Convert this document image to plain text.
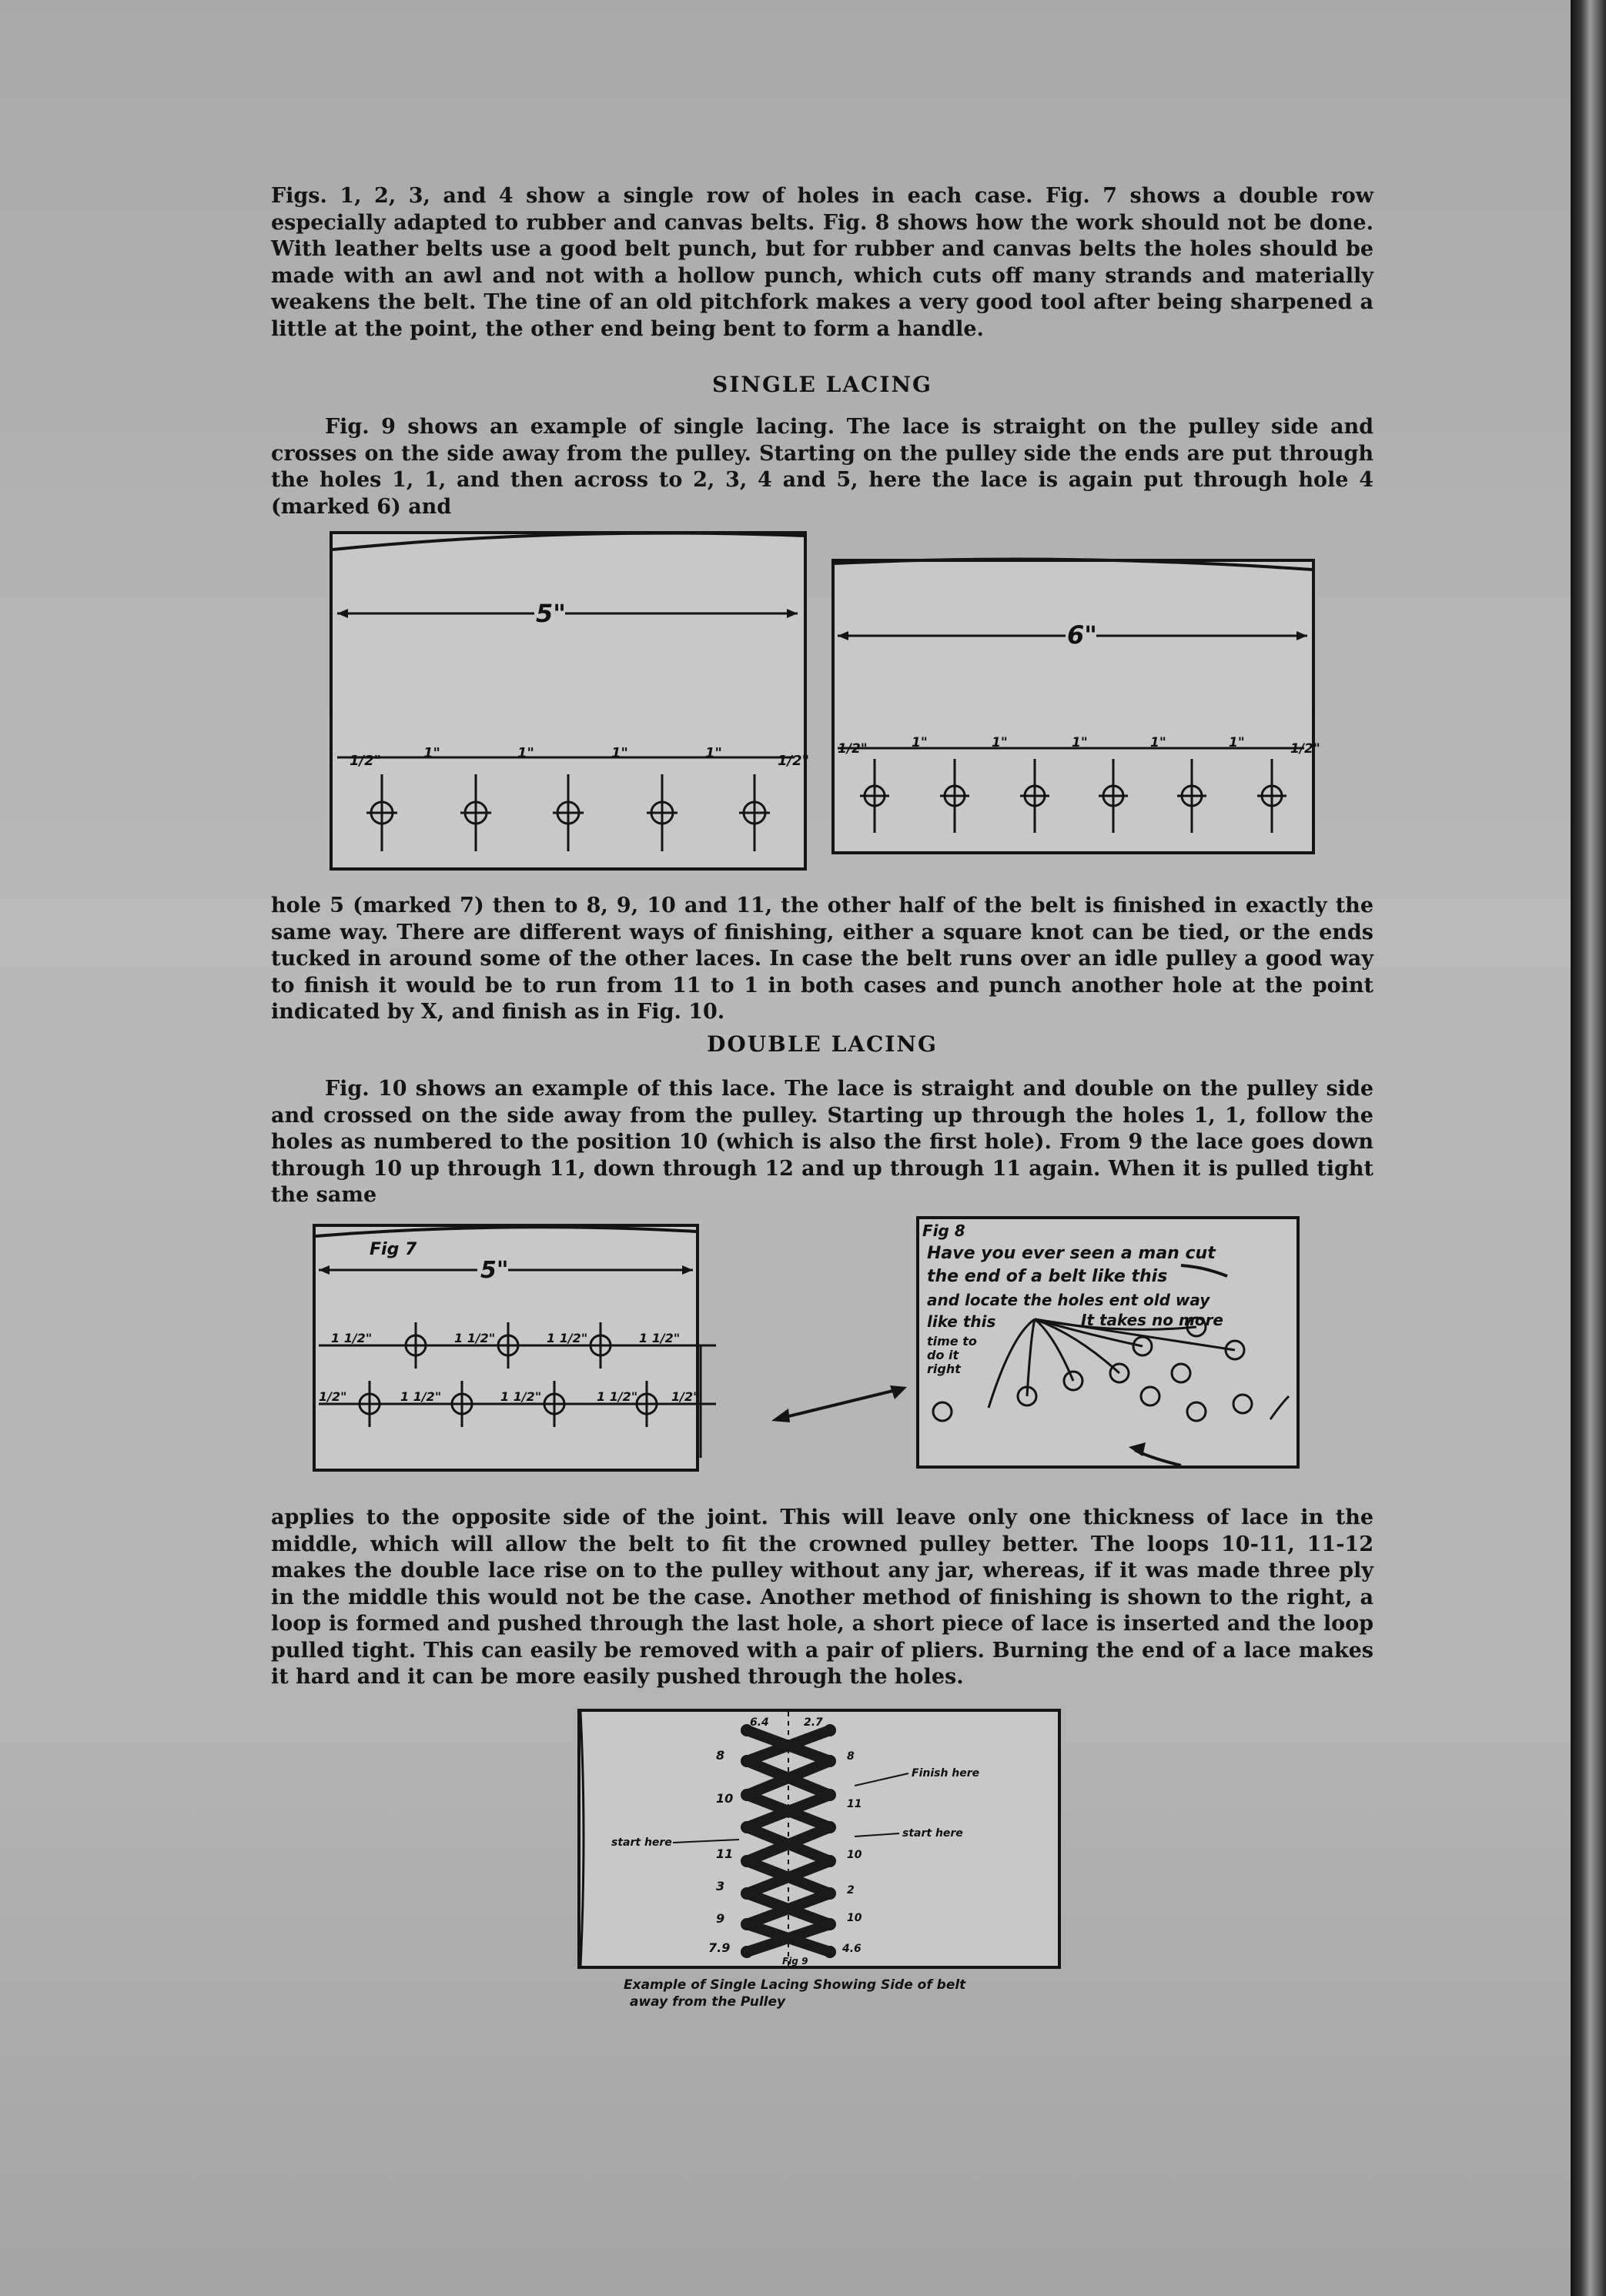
Figs. 1, 2, 3, and 4 show a single row of holes in each case. Fig. 7 shows a double row especially adapted to rubber and canvas belts. Fig. 8 shows how the work should not be done. With leather belts use a good belt punch, but for rubber and canvas belts the holes should be made with an awl and not with a hollow punch, which cuts off many strands and materially weakens the belt. The tine of an old pitchfork makes a very good tool after being sharpened a little at the point, the other end being bent to form a handle.

SINGLE LACING

Fig. 9 shows an example of single lacing. The lace is straight on the pulley side and crosses on the side away from the pulley. Starting on the pulley side the ends are put through the holes 1, 1, and then across to 2, 3, 4 and 5, here the lace is again put through hole 4 (marked 6) and

5"
1/2"	1"	1"	1"	1"	1/2"
6"
1/2"	1"	1"	1"	1"	1"	1/2"

hole 5 (marked 7) then to 8, 9, 10 and 11, the other half of the belt is finished in exactly the same way. There are different ways of finishing, either a square knot can be tied, or the ends tucked in around some of the other laces. In case the belt runs over an idle pulley a good way to finish it would be to run from 11 to 1 in both cases and punch another hole at the point indicated by X, and finish as in Fig. 10.

DOUBLE LACING

Fig. 10 shows an example of this lace. The lace is straight and double on the pulley side and crossed on the side away from the pulley. Starting up through the holes 1, 1, follow the holes as numbered to the position 10 (which is also the first hole). From 9 the lace goes down through 10 up through 11, down through 12 and up through 11 again. When it is pulled tight the same

Fig 7
5"
1 1/2"	1 1/2"	1 1/2"	1 1/2"
1/2"	1 1/2"	1 1/2"	1 1/2"	1/2"
Fig 8
Have you ever seen a man cut
the end of a belt like this
and locate the holes ent old way
like this	It takes no more
time to
do it
right

applies to the opposite side of the joint. This will leave only one thickness of lace in the middle, which will allow the belt to fit the crowned pulley better. The loops 10-11, 11-12 makes the double lace rise on to the pulley without any jar, whereas, if it was made three ply in the middle this would not be the case. Another method of finishing is shown to the right, a loop is formed and pushed through the last hole, a short piece of lace is inserted and the loop pulled tight. This can easily be removed with a pair of pliers. Burning the end of a lace makes it hard and it can be more easily pushed through the holes.

6.4	2.7
8
10
11
3
9
7.9
8
11
10
2
10
4.6
Finish here
start here
start here
Fig 9
Example of Single Lacing Showing Side of belt
away from the Pulley
